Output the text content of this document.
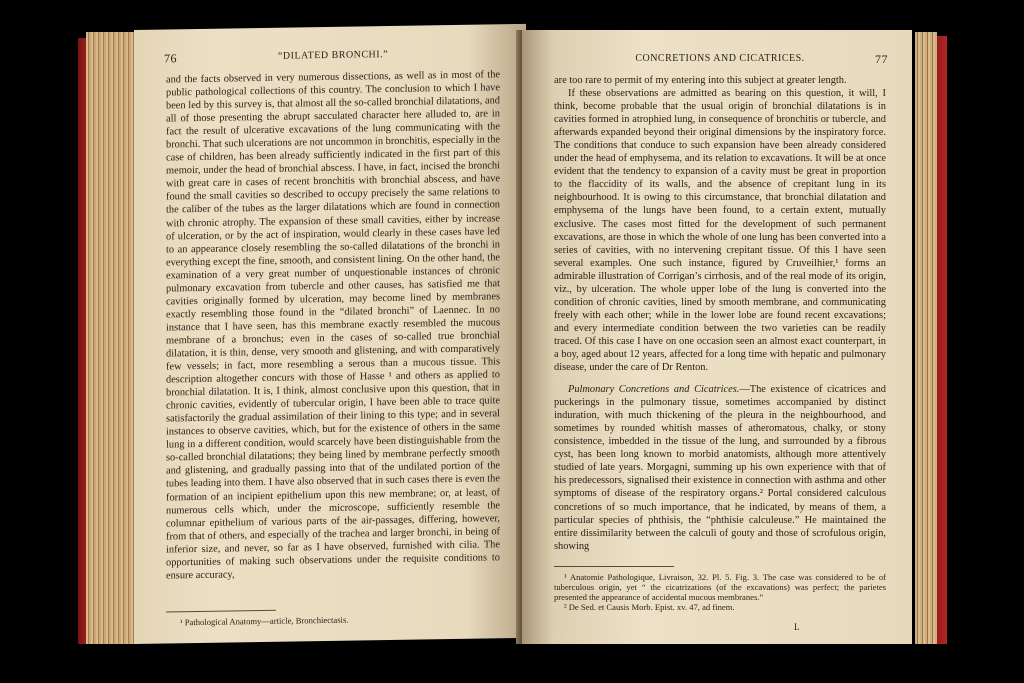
76	“DILATED BRONCHI.”

and the facts observed in very numerous dissections, as well as in most of the public pathological collections of this country. The conclusion to which I have been led by this survey is, that almost all the so-called bronchial dilatations, and all of those presenting the abrupt sacculated character here alluded to, are in fact the result of ulcerative excavations of the lung communicating with the bronchi. That such ulcerations are not uncommon in bronchitis, especially in the case of children, has been already sufficiently indicated in the first part of this memoir, under the head of bronchial abscess. I have, in fact, incised the bronchi with great care in cases of recent bronchitis with bronchial abscess, and have found the small cavities so described to occupy precisely the same relations to the caliber of the tubes as the larger dilatations which are found in connection with chronic atrophy. The expansion of these small cavities, either by increase of ulceration, or by the act of inspiration, would clearly in these cases have led to an appearance closely resembling the so-called dilatations of the bronchi in everything except the fine, smooth, and consistent lining. On the other hand, the examination of a very great number of unquestionable instances of chronic pulmonary excavation from tubercle and other causes, has satisfied me that cavities originally formed by ulceration, may become lined by membranes exactly resembling those found in the “dilated bronchi” of Laennec. In no instance that I have seen, has this membrane exactly resembled the mucous membrane of a bronchus; even in the cases of so-called true bronchial dilatation, it is thin, dense, very smooth and glistening, and with comparatively few vessels; in fact, more resembling a serous than a mucous tissue. This description altogether concurs with those of Hasse ¹ and others as applied to bronchial dilatation. It is, I think, almost conclusive upon this question, that in chronic cavities, evidently of tubercular origin, I have been able to trace quite satisfactorily the gradual assimilation of their lining to this type; and in several instances to observe cavities, which, but for the existence of others in the same lung in a different condition, would scarcely have been distinguishable from the so-called bronchial dilatations; they being lined by membrane perfectly smooth and glistening, and gradually passing into that of the undilated portion of the tubes leading into them. I have also observed that in such cases there is even the formation of an incipient epithelium upon this new membrane; or, at least, of numerous cells which, under the microscope, sufficiently resemble the columnar epithelium of various parts of the air-passages, differing, however, from that of others, and especially of the trachea and larger bronchi, in being of inferior size, and never, so far as I have observed, furnished with cilia. The opportunities of making such observations under the requisite conditions to ensure accuracy,

¹ Pathological Anatomy—article, Bronchiectasis.

CONCRETIONS AND CICATRICES.	77

are too rare to permit of my entering into this subject at greater length.

If these observations are admitted as bearing on this question, it will, I think, become probable that the usual origin of bronchial dilatations is in cavities formed in atrophied lung, in consequence of bronchitis or tubercle, and afterwards expanded beyond their original dimensions by the inspiratory force. The conditions that conduce to such expansion have been already considered under the head of emphysema, and its relation to excavations. It will be at once evident that the tendency to expansion of a cavity must be great in proportion to the flaccidity of its walls, and the absence of crepitant lung in its neighbourhood. It is owing to this circumstance, that bronchial dilatation and emphysema of the lungs have been found, to a certain extent, mutually exclusive. The cases most fitted for the development of such permanent excavations, are those in which the whole of one lung has been converted into a series of cavities, with no intervening crepitant tissue. Of this I have seen several examples. One such instance, figured by Cruveilhier,¹ forms an admirable illustration of Corrigan’s cirrhosis, and of the real mode of its origin, viz., by ulceration. The whole upper lobe of the lung is converted into the condition of chronic cavities, lined by smooth membrane, and communicating freely with each other; while in the lower lobe are found recent excavations; and every intermediate condition between the two varieties can be readily traced. Of this case I have on one occasion seen an almost exact counterpart, in a boy, aged about 12 years, affected for a long time with hepatic and pulmonary disease, under the care of Dr Renton.

Pulmonary Concretions and Cicatrices.—The existence of cicatrices and puckerings in the pulmonary tissue, sometimes accompanied by distinct induration, with much thickening of the pleura in the neighbourhood, and sometimes by rounded whitish masses of atheromatous, chalky, or stony consistence, imbedded in the tissue of the lung, and surrounded by a fibrous cyst, has been long known to morbid anatomists, although more attentively studied of late years. Morgagni, summing up his own experience with that of his predecessors, signalised their existence in connection with asthma and other symptoms of disease of the respiratory organs.² Portal considered calculous concretions of so much importance, that he indicated, by means of them, a particular species of phthisis, the “phthisie calculeuse.” He maintained the entire dissimilarity between the calculi of gouty and those of scrofulous origin, showing

¹ Anatomie Pathologique, Livraison, 32. Pl. 5. Fig. 3. The case was considered to be of tuberculous origin, yet “ the cicatrizations (of the excavations) was perfect; the parietes presented the appearance of accidental mucous membranes.”

² De Sed. et Causis Morb. Epist. xv. 47, ad finem.

L
